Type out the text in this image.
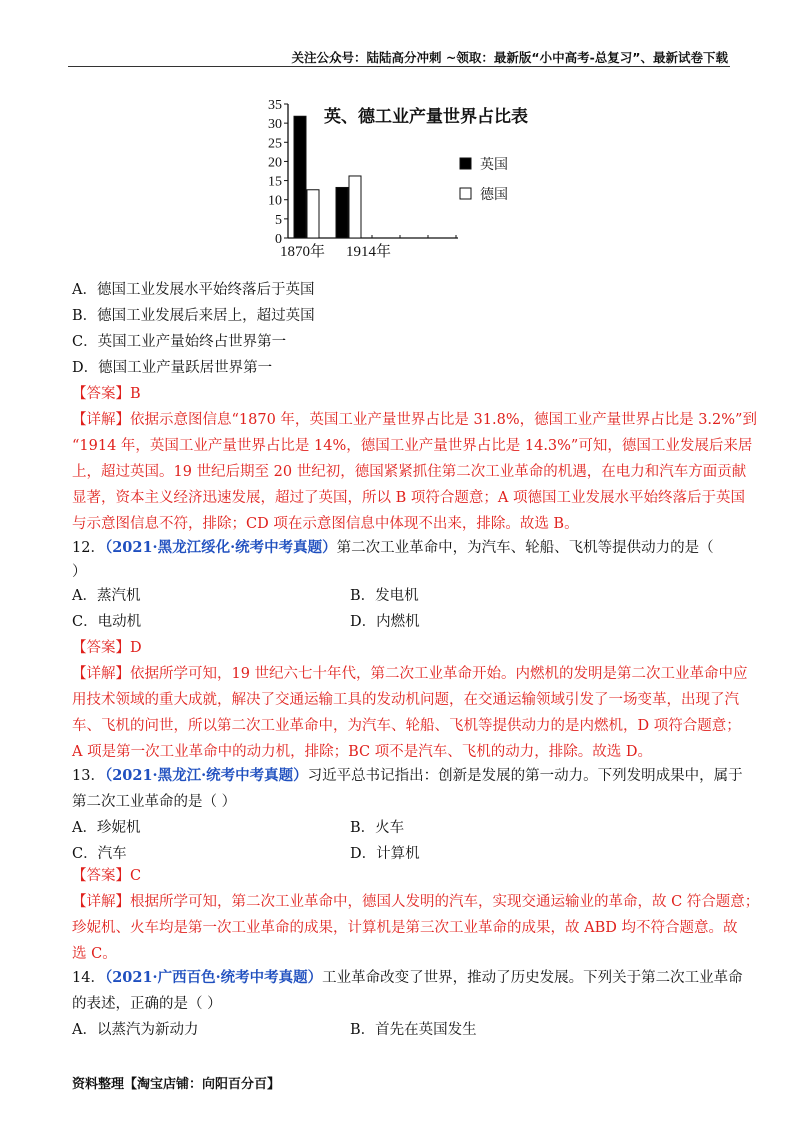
关注公众号：陆陆高分冲刺 ~领取：最新版“小中高考-总复习”、最新试卷下载
0
5
10
15
20
25
30
35
1870年 1914年
英、德工业产量世界占比表
英国
德国
A．德国工业发展水平始终落后于英国
B．德国工业发展后来居上，超过英国
C．英国工业产量始终占世界第一
D．德国工业产量跃居世界第一
【答案】B
【详解】依据示意图信息“1870 年，英国工业产量世界占比是 31.8%，德国工业产量世界占比是 3.2%”到
“1914 年，英国工业产量世界占比是 14%，德国工业产量世界占比是 14.3%”可知，德国工业发展后来居
上，超过英国。19 世纪后期至 20 世纪初，德国紧紧抓住第二次工业革命的机遇，在电力和汽车方面贡献
显著，资本主义经济迅速发展，超过了英国，所以 B 项符合题意；A 项德国工业发展水平始终落后于英国
与示意图信息不符，排除；CD 项在示意图信息中体现不出来，排除。故选 B。
12．（2021·黑龙江绥化·统考中考真题）第二次工业革命中，为汽车、轮船、飞机等提供动力的是（
）
A．蒸汽机	B．发电机
C．电动机	D．内燃机
【答案】D
【详解】依据所学可知，19 世纪六七十年代，第二次工业革命开始。内燃机的发明是第二次工业革命中应
用技术领域的重大成就，解决了交通运输工具的发动机问题，在交通运输领域引发了一场变革，出现了汽
车、飞机的问世，所以第二次工业革命中，为汽车、轮船、飞机等提供动力的是内燃机，D 项符合题意；
A 项是第一次工业革命中的动力机，排除；BC 项不是汽车、飞机的动力，排除。故选 D。
13．（2021·黑龙江·统考中考真题）习近平总书记指出：创新是发展的第一动力。下列发明成果中，属于
第二次工业革命的是（ ）
A．珍妮机	B．火车
C．汽车	D．计算机
【答案】C
【详解】根据所学可知，第二次工业革命中，德国人发明的汽车，实现交通运输业的革命，故 C 符合题意；
珍妮机、火车均是第一次工业革命的成果，计算机是第三次工业革命的成果，故 ABD 均不符合题意。故
选 C。
14．（2021·广西百色·统考中考真题）工业革命改变了世界，推动了历史发展。下列关于第二次工业革命
的表述，正确的是（ ）
A．以蒸汽为新动力	B．首先在英国发生
资料整理【淘宝店铺：向阳百分百】
